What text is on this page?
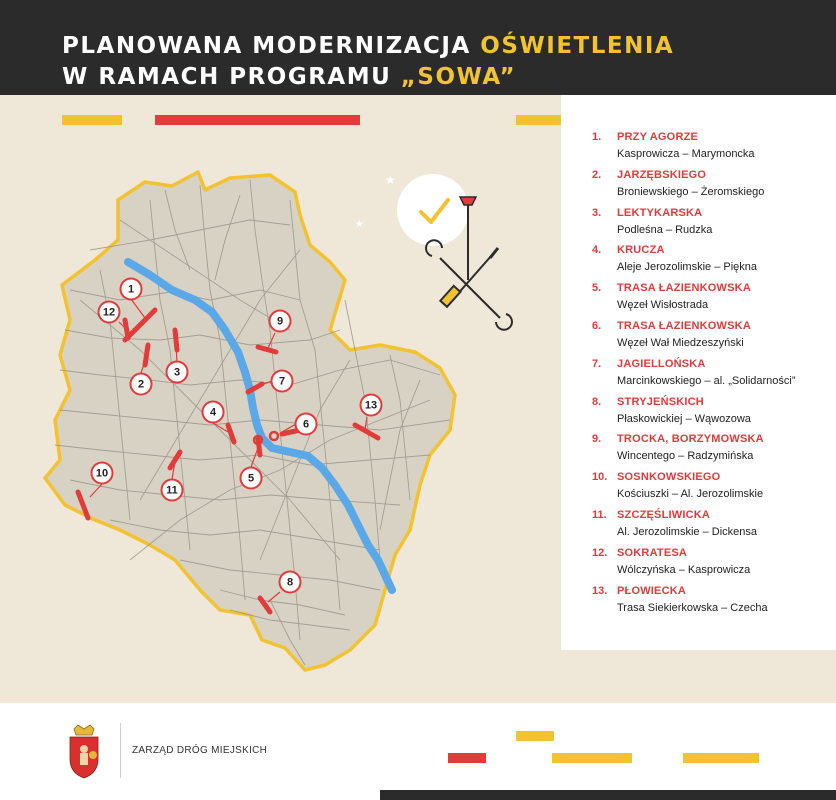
PLANOWANA MODERNIZACJA OŚWIETLENIA
W RAMACH PROGRAMU „SOWA”
1
2
3
4
5
6
7
8
9
10
11
12
13
★
★
1.	PRZY AGORZE
Kasprowicza – Marymoncka
2.	JARZĘBSKIEGO
Broniewskiego – Żeromskiego
3.	LEKTYKARSKA
Podleśna – Rudzka
4.	KRUCZA
Aleje Jerozolimskie – Piękna
5.	TRASA ŁAZIENKOWSKA
Węzeł Wisłostrada
6.	TRASA ŁAZIENKOWSKA
Węzeł Wał Miedzeszyński
7.	JAGIELLOŃSKA
Marcinkowskiego – al. „Solidarności”
8.	STRYJEŃSKICH
Płaskowickiej – Wąwozowa
9.	TROCKA, BORZYMOWSKA
Wincentego – Radzymińska
10. SOSNKOWSKIEGO
Kościuszki – Al. Jerozolimskie
11. SZCZĘŚLIWICKA
Al. Jerozolimskie – Dickensa
12. SOKRATESA
Wólczyńska – Kasprowicza
13. PŁOWIECKA
Trasa Siekierkowska – Czecha
ZARZĄD DRÓG MIEJSKICH
